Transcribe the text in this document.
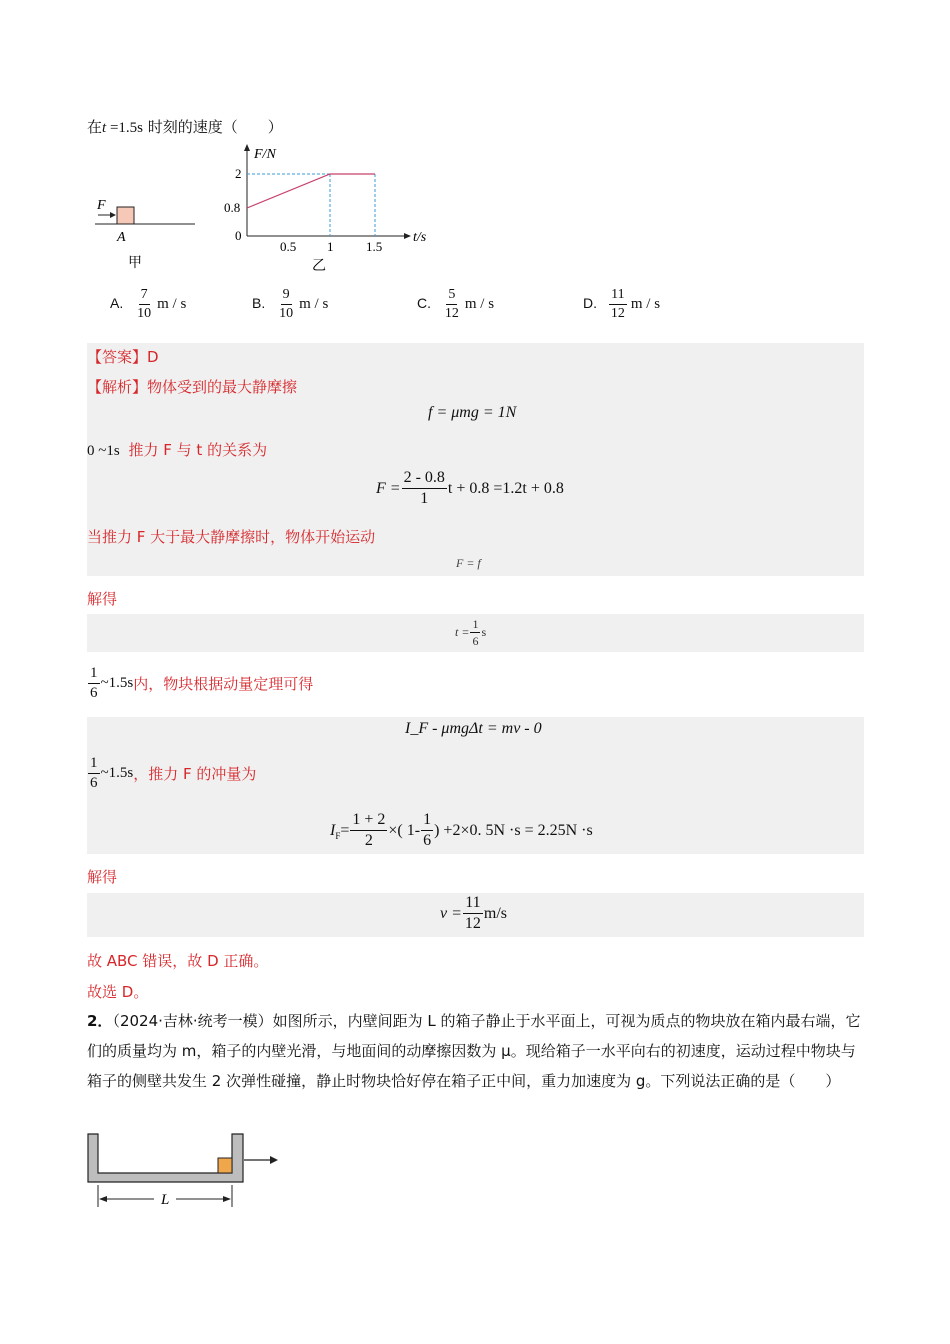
在t =1.5s 时刻的速度（　　）
F
A
甲
F/N
2
0.8
0
0.5 1	1.5
t/s
乙
A. $\frac{7}{10}$ m / s	B. $\frac{9}{10}$ m / s	C. $\frac{5}{12}$ m / s	D. $\frac{11}{12}$ m / s
【答案】D
【解析】物体受到的最大静摩擦
f = μmg = 1N
0 ~1s 推力 F 与 t 的关系为
$F = \frac{2 - 0.8}{1}$ t + 0.8 =1.2t + 0.8
当推力 F 大于最大静摩擦时，物体开始运动
F = f
解得
$t = \frac{1}{6}$ s
$\frac{1}{6}$ ~1.5s 内，物块根据动量定理可得
I_F - μmgΔt = mv - 0
$\frac{1}{6}$ ~1.5s ，推力 F 的冲量为
$I_F = \frac{1 + 2}{2}$ ×( $1- \frac{1}{6}$ ) +2×0. 5N ·s = 2.25N ·s
解得
$v = \frac{11}{12} m/s$
故 ABC 错误，故 D 正确。
故选 D。
2．（2024·吉林·统考一模）如图所示，内壁间距为 L 的箱子静止于水平面上，可视为质点的物块放在箱内最右端，它们的质量均为 m，箱子的内壁光滑，与地面间的动摩擦因数为 μ。现给箱子一水平向右的初速度，运动过程中物块与箱子的侧壁共发生 2 次弹性碰撞，静止时物块恰好停在箱子正中间，重力加速度为 g。下列说法正确的是（　　）
L
